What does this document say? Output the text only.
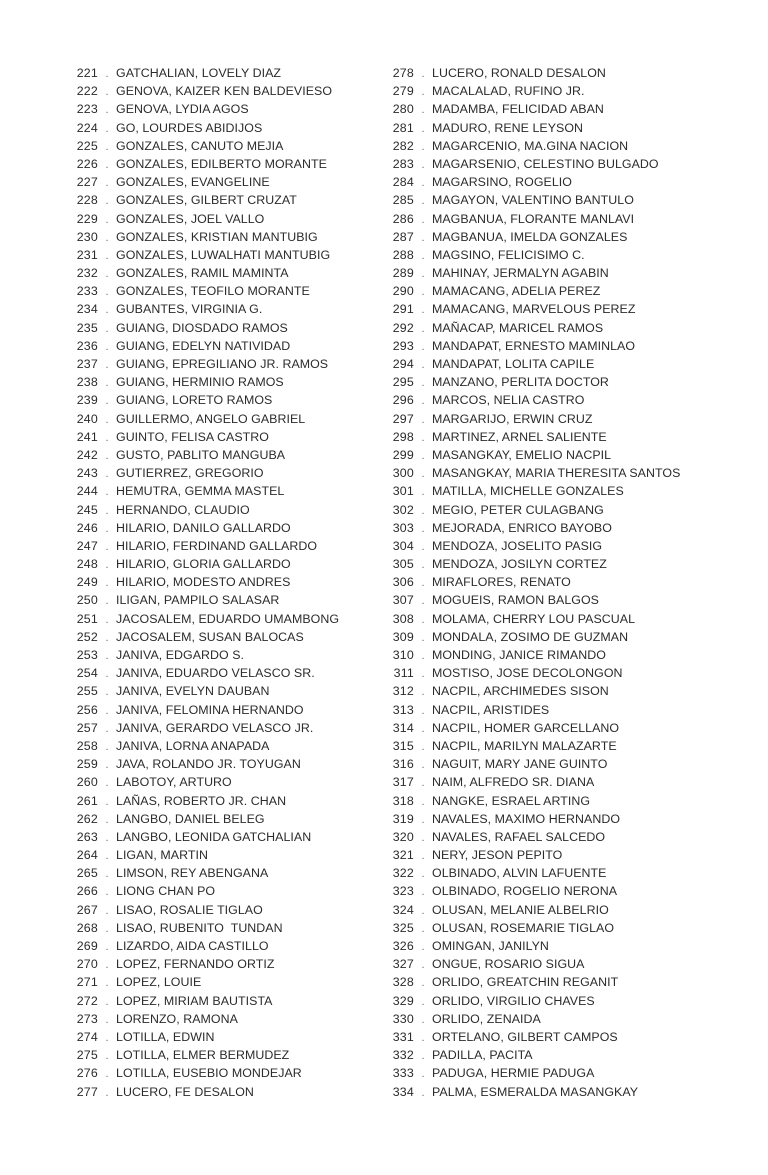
221 . GATCHALIAN, LOVELY DIAZ
222 . GENOVA, KAIZER KEN BALDEVIESO
223 . GENOVA, LYDIA AGOS
224 . GO, LOURDES ABIDIJOS
225 . GONZALES, CANUTO MEJIA
226 . GONZALES, EDILBERTO MORANTE
227 . GONZALES, EVANGELINE
228 . GONZALES, GILBERT CRUZAT
229 . GONZALES, JOEL VALLO
230 . GONZALES, KRISTIAN MANTUBIG
231 . GONZALES, LUWALHATI MANTUBIG
232 . GONZALES, RAMIL MAMINTA
233 . GONZALES, TEOFILO MORANTE
234 . GUBANTES, VIRGINIA G.
235 . GUIANG, DIOSDADO RAMOS
236 . GUIANG, EDELYN NATIVIDAD
237 . GUIANG, EPREGILIANO JR. RAMOS
238 . GUIANG, HERMINIO RAMOS
239 . GUIANG, LORETO RAMOS
240 . GUILLERMO, ANGELO GABRIEL
241 . GUINTO, FELISA CASTRO
242 . GUSTO, PABLITO MANGUBA
243 . GUTIERREZ, GREGORIO
244 . HEMUTRA, GEMMA MASTEL
245 . HERNANDO, CLAUDIO
246 . HILARIO, DANILO GALLARDO
247 . HILARIO, FERDINAND GALLARDO
248 . HILARIO, GLORIA GALLARDO
249 . HILARIO, MODESTO ANDRES
250 . ILIGAN, PAMPILO SALASAR
251 . JACOSALEM, EDUARDO UMAMBONG
252 . JACOSALEM, SUSAN BALOCAS
253 . JANIVA, EDGARDO S.
254 . JANIVA, EDUARDO VELASCO SR.
255 . JANIVA, EVELYN DAUBAN
256 . JANIVA, FELOMINA HERNANDO
257 . JANIVA, GERARDO VELASCO JR.
258 . JANIVA, LORNA ANAPADA
259 . JAVA, ROLANDO JR. TOYUGAN
260 . LABOTOY, ARTURO
261 . LAÑAS, ROBERTO JR. CHAN
262 . LANGBO, DANIEL BELEG
263 . LANGBO, LEONIDA GATCHALIAN
264 . LIGAN, MARTIN
265 . LIMSON, REY ABENGANA
266 . LIONG CHAN PO
267 . LISAO, ROSALIE TIGLAO
268 . LISAO, RUBENITO  TUNDAN
269 . LIZARDO, AIDA CASTILLO
270 . LOPEZ, FERNANDO ORTIZ
271 . LOPEZ, LOUIE
272 . LOPEZ, MIRIAM BAUTISTA
273 . LORENZO, RAMONA
274 . LOTILLA, EDWIN
275 . LOTILLA, ELMER BERMUDEZ
276 . LOTILLA, EUSEBIO MONDEJAR
277 . LUCERO, FE DESALON
278 . LUCERO, RONALD DESALON
279 . MACALALAD, RUFINO JR.
280 . MADAMBA, FELICIDAD ABAN
281 . MADURO, RENE LEYSON
282 . MAGARCENIO, MA.GINA NACION
283 . MAGARSENIO, CELESTINO BULGADO
284 . MAGARSINO, ROGELIO
285 . MAGAYON, VALENTINO BANTULO
286 . MAGBANUA, FLORANTE MANLAVI
287 . MAGBANUA, IMELDA GONZALES
288 . MAGSINO, FELICISIMO C.
289 . MAHINAY, JERMALYN AGABIN
290 . MAMACANG, ADELIA PEREZ
291 . MAMACANG, MARVELOUS PEREZ
292 . MAÑACAP, MARICEL RAMOS
293 . MANDAPAT, ERNESTO MAMINLAO
294 . MANDAPAT, LOLITA CAPILE
295 . MANZANO, PERLITA DOCTOR
296 . MARCOS, NELIA CASTRO
297 . MARGARIJO, ERWIN CRUZ
298 . MARTINEZ, ARNEL SALIENTE
299 . MASANGKAY, EMELIO NACPIL
300 . MASANGKAY, MARIA THERESITA SANTOS
301 . MATILLA, MICHELLE GONZALES
302 . MEGIO, PETER CULAGBANG
303 . MEJORADA, ENRICO BAYOBO
304 . MENDOZA, JOSELITO PASIG
305 . MENDOZA, JOSILYN CORTEZ
306 . MIRAFLORES, RENATO
307 . MOGUEIS, RAMON BALGOS
308 . MOLAMA, CHERRY LOU PASCUAL
309 . MONDALA, ZOSIMO DE GUZMAN
310 . MONDING, JANICE RIMANDO
311 . MOSTISO, JOSE DECOLONGON
312 . NACPIL, ARCHIMEDES SISON
313 . NACPIL, ARISTIDES
314 . NACPIL, HOMER GARCELLANO
315 . NACPIL, MARILYN MALAZARTE
316 . NAGUIT, MARY JANE GUINTO
317 . NAIM, ALFREDO SR. DIANA
318 . NANGKE, ESRAEL ARTING
319 . NAVALES, MAXIMO HERNANDO
320 . NAVALES, RAFAEL SALCEDO
321 . NERY, JESON PEPITO
322 . OLBINADO, ALVIN LAFUENTE
323 . OLBINADO, ROGELIO NERONA
324 . OLUSAN, MELANIE ALBELRIO
325 . OLUSAN, ROSEMARIE TIGLAO
326 . OMINGAN, JANILYN
327 . ONGUE, ROSARIO SIGUA
328 . ORLIDO, GREATCHIN REGANIT
329 . ORLIDO, VIRGILIO CHAVES
330 . ORLIDO, ZENAIDA
331 . ORTELANO, GILBERT CAMPOS
332 . PADILLA, PACITA
333 . PADUGA, HERMIE PADUGA
334 . PALMA, ESMERALDA MASANGKAY
